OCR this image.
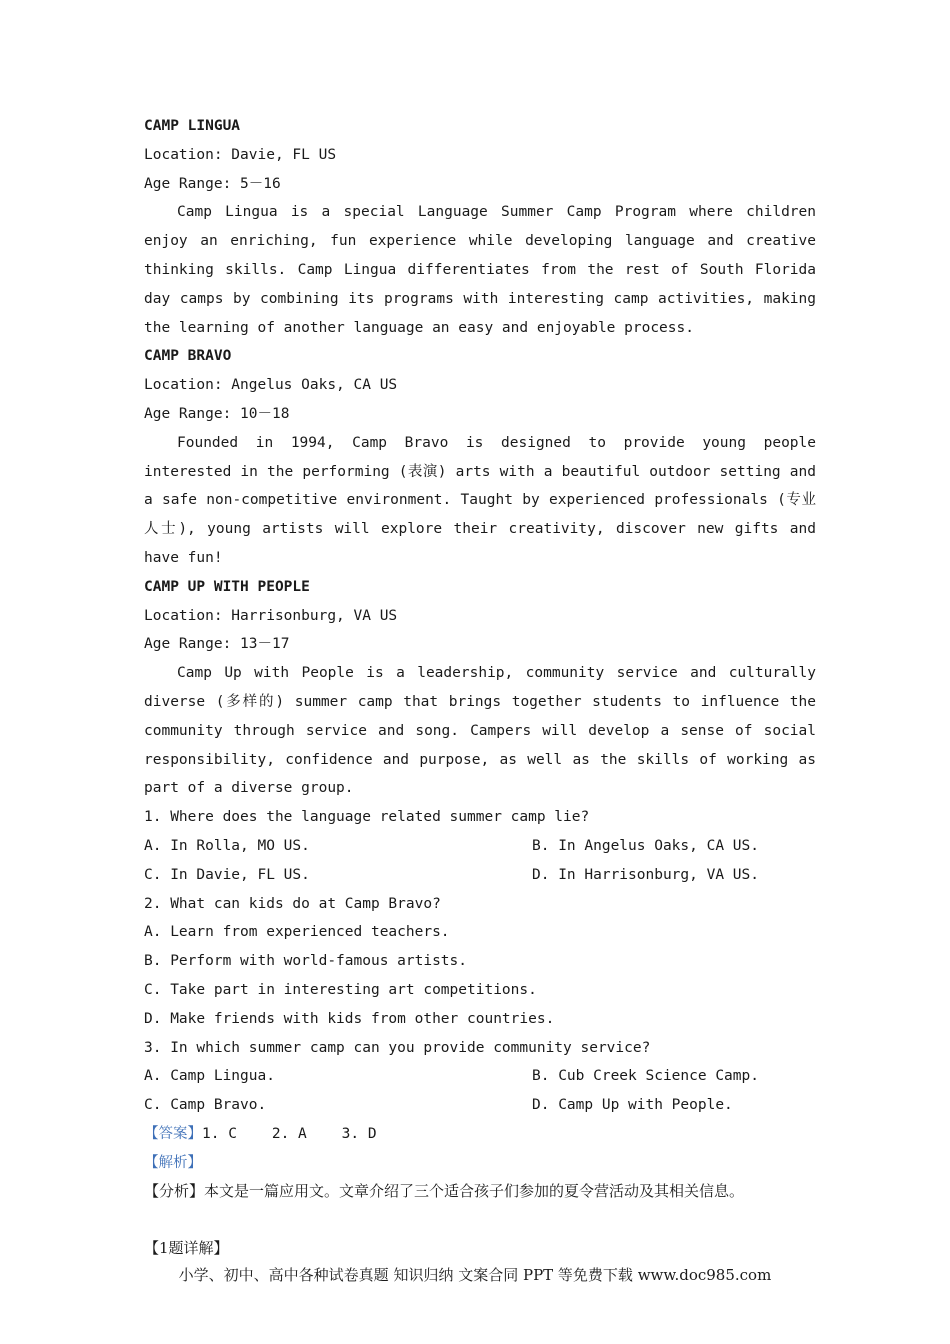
CAMP LINGUA
Location: Davie, FL US
Age Range: 5－16
Camp Lingua is a special Language Summer Camp Program where children enjoy an enriching, fun experience while developing language and creative thinking skills. Camp Lingua differentiates from the rest of South Florida day camps by combining its programs with interesting camp activities, making the learning of another language an easy and enjoyable process.
CAMP BRAVO
Location: Angelus Oaks, CA US
Age Range: 10－18
Founded in 1994, Camp Bravo is designed to provide young people interested in the performing (表演) arts with a beautiful outdoor setting and a safe non-competitive environment. Taught by experienced professionals (专业人士), young artists will explore their creativity, discover new gifts and have fun!
CAMP UP WITH PEOPLE
Location: Harrisonburg, VA US
Age Range: 13－17
Camp Up with People is a leadership, community service and culturally diverse (多样的) summer camp that brings together students to influence the community through service and song. Campers will develop a sense of social responsibility, confidence and purpose, as well as the skills of working as part of a diverse group.
1. Where does the language related summer camp lie?
A. In Rolla, MO US.	B. In Angelus Oaks, CA US.
C. In Davie, FL US.	D. In Harrisonburg, VA US.
2. What can kids do at Camp Bravo?
A. Learn from experienced teachers.
B. Perform with world-famous artists.
C. Take part in interesting art competitions.
D. Make friends with kids from other countries.
3. In which summer camp can you provide community service?
A. Camp Lingua.	B. Cub Creek Science Camp.
C. Camp Bravo.	D. Camp Up with People.
【答案】1. C    2. A    3. D
【解析】
【分析】本文是一篇应用文。文章介绍了三个适合孩子们参加的夏令营活动及其相关信息。
【1题详解】
小学、初中、高中各种试卷真题 知识归纳 文案合同 PPT 等免费下载 www.doc985.com
